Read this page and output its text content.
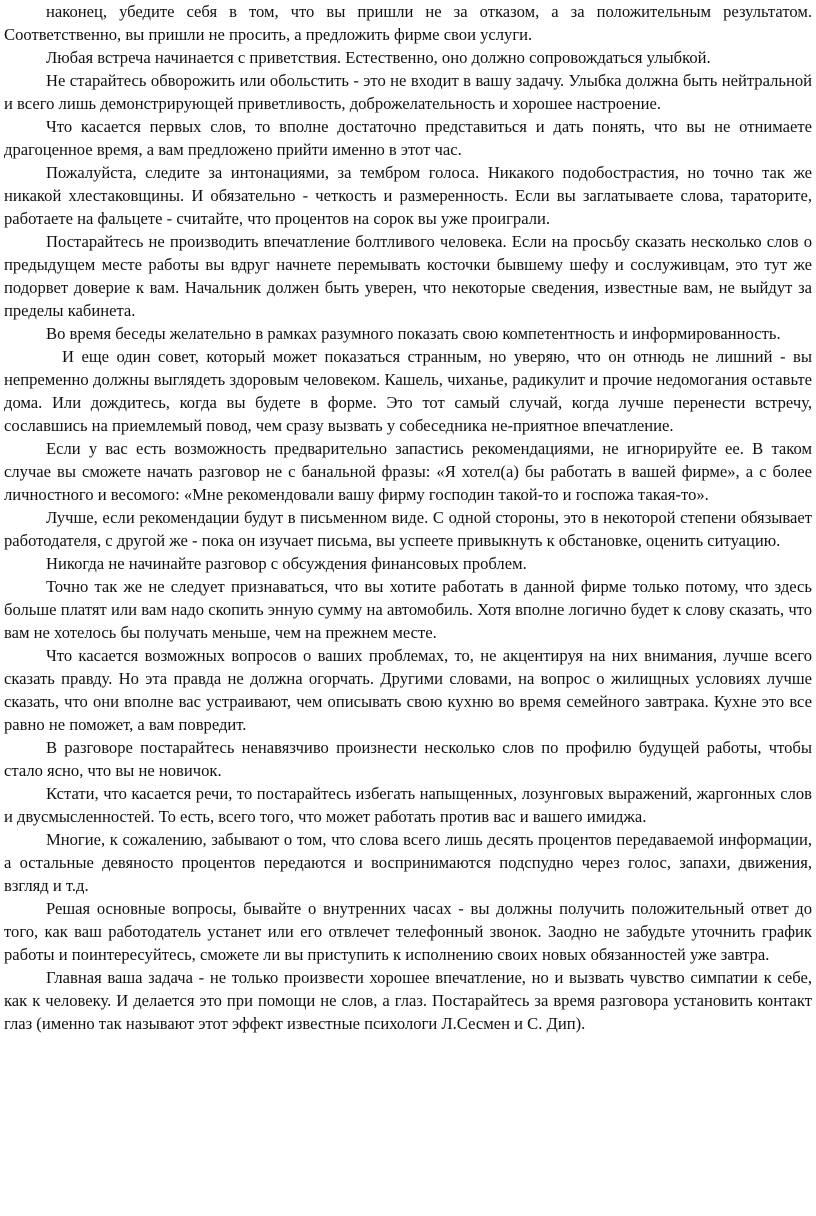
наконец, убедите себя в том, что вы пришли не за отказом, а за положительным результатом. Соответственно, вы пришли не просить, а предложить фирме свои услуги.

Любая встреча начинается с приветствия. Естественно, оно должно сопровождаться улыбкой.

Не старайтесь обворожить или обольстить - это не входит в вашу задачу. Улыбка должна быть нейтральной и всего лишь демонстрирующей приветливость, доброжелательность и хорошее настроение.

Что касается первых слов, то вполне достаточно представиться и дать понять, что вы не отнимаете драгоценное время, а вам предложено прийти именно в этот час.

Пожалуйста, следите за интонациями, за тембром голоса. Никакого подобострастия, но точно так же никакой хлестаковщины. И обязательно - четкость и размеренность. Если вы заглатываете слова, тараторите, работаете на фальцете - считайте, что процентов на сорок вы уже проиграли.

Постарайтесь не производить впечатление болтливого человека. Если на просьбу сказать несколько слов о предыдущем месте работы вы вдруг начнете перемывать косточки бывшему шефу и сослуживцам, это тут же подорвет доверие к вам. Начальник должен быть уверен, что некоторые сведения, известные вам, не выйдут за пределы кабинета.

Во время беседы желательно в рамках разумного показать свою компетентность и информированность.

И еще один совет, который может показаться странным, но уверяю, что он отнюдь не лишний - вы непременно должны выглядеть здоровым человеком. Кашель, чиханье, радикулит и прочие недомогания оставьте дома. Или дождитесь, когда вы будете в форме. Это тот самый случай, когда лучше перенести встречу, сославшись на приемлемый повод, чем сразу вызвать у собеседника не-приятное впечатление.

Если у вас есть возможность предварительно запастись рекомендациями, не игнорируйте ее. В таком случае вы сможете начать разговор не с банальной фразы: «Я хотел(а) бы работать в вашей фирме», а с более личностного и весомого: «Мне рекомендовали вашу фирму господин такой-то и госпожа такая-то».

Лучше, если рекомендации будут в письменном виде. С одной стороны, это в некоторой степени обязывает работодателя, с другой же - пока он изучает письма, вы успеете привыкнуть к обстановке, оценить ситуацию.

Никогда не начинайте разговор с обсуждения финансовых проблем.

Точно так же не следует признаваться, что вы хотите работать в данной фирме только потому, что здесь больше платят или вам надо скопить энную сумму на автомобиль. Хотя вполне логично будет к слову сказать, что вам не хотелось бы получать меньше, чем на прежнем месте.

Что касается возможных вопросов о ваших проблемах, то, не акцентируя на них внимания, лучше всего сказать правду. Но эта правда не должна огорчать. Другими словами, на вопрос о жилищных условиях лучше сказать, что они вполне вас устраивают, чем описывать свою кухню во время семейного завтрака. Кухне это все равно не поможет, а вам повредит.

В разговоре постарайтесь ненавязчиво произнести несколько слов по профилю будущей работы, чтобы стало ясно, что вы не новичок.

Кстати, что касается речи, то постарайтесь избегать напыщенных, лозунговых выражений, жаргонных слов и двусмысленностей. То есть, всего того, что может работать против вас и вашего имиджа.

Многие, к сожалению, забывают о том, что слова всего лишь десять процентов передаваемой информации, а остальные девяносто процентов передаются и воспринимаются подспудно через голос, запахи, движения, взгляд и т.д.

Решая основные вопросы, бывайте о внутренних часах - вы должны получить положительный ответ до того, как ваш работодатель устанет или его отвлечет телефонный звонок. Заодно не забудьте уточнить график работы и поинтересуйтесь, сможете ли вы приступить к исполнению своих новых обязанностей уже завтра.

Главная ваша задача - не только произвести хорошее впечатление, но и вызвать чувство симпатии к себе, как к человеку. И делается это при помощи не слов, а глаз. Постарайтесь за время разговора установить контакт глаз (именно так называют этот эффект известные психологи Л.Сесмен и С. Дип).
